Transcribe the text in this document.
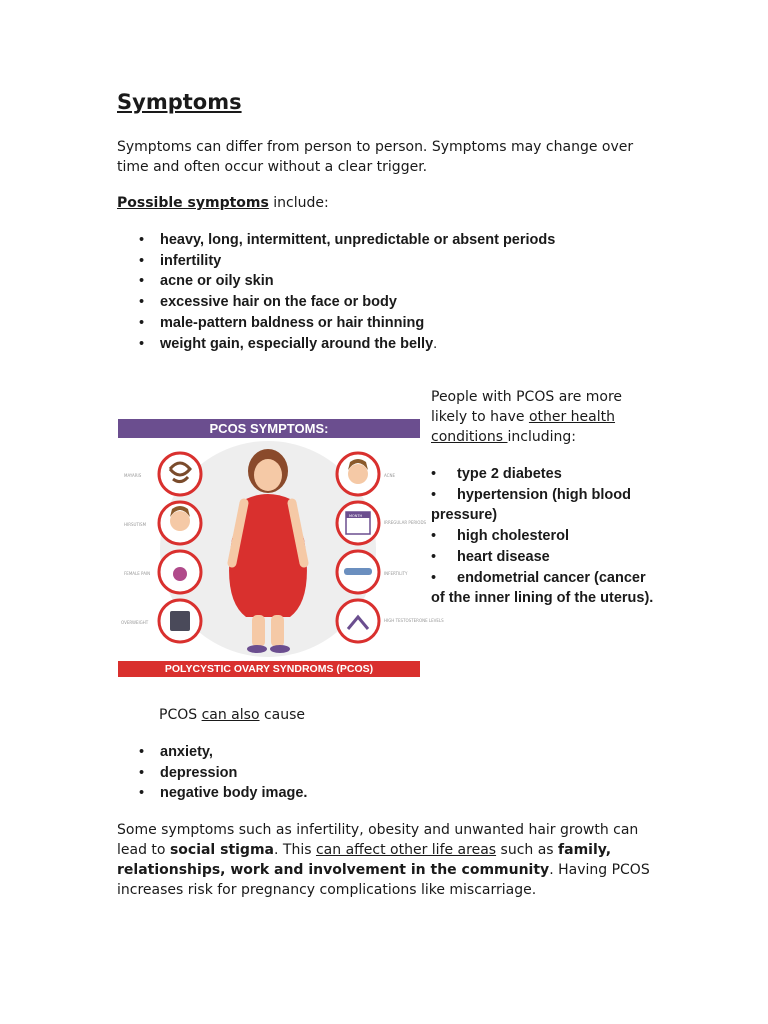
Symptoms

Symptoms can differ from person to person. Symptoms may change over time and often occur without a clear trigger.

Possible symptoms include:

• heavy, long, intermittent, unpredictable or absent periods
• infertility
• acne or oily skin
• excessive hair on the face or body
• male-pattern baldness or hair thinning
• weight gain, especially around the belly.
PCOS SYMPTOMS:
MAYARIS
HIRSUTISM
FEMALE PAIN
OVERWEIGHT
MONTH
ACNE
IRREGULAR PERIODS
INFERTILITY
HIGH TESTOSTERONE LEVELS
POLYCYSTIC OVARY SYNDROMS (PCOS)

People with PCOS are more likely to have other health conditions including:

• type 2 diabetes
• hypertension (high blood pressure)
• high cholesterol
• heart disease
• endometrial cancer (cancer of the inner lining of the uterus).

PCOS can also cause

• anxiety,
• depression
• negative body image.

Some symptoms such as infertility, obesity and unwanted hair growth can lead to social stigma. This can affect other life areas such as family, relationships, work and involvement in the community. Having PCOS increases risk for pregnancy complications like miscarriage.
